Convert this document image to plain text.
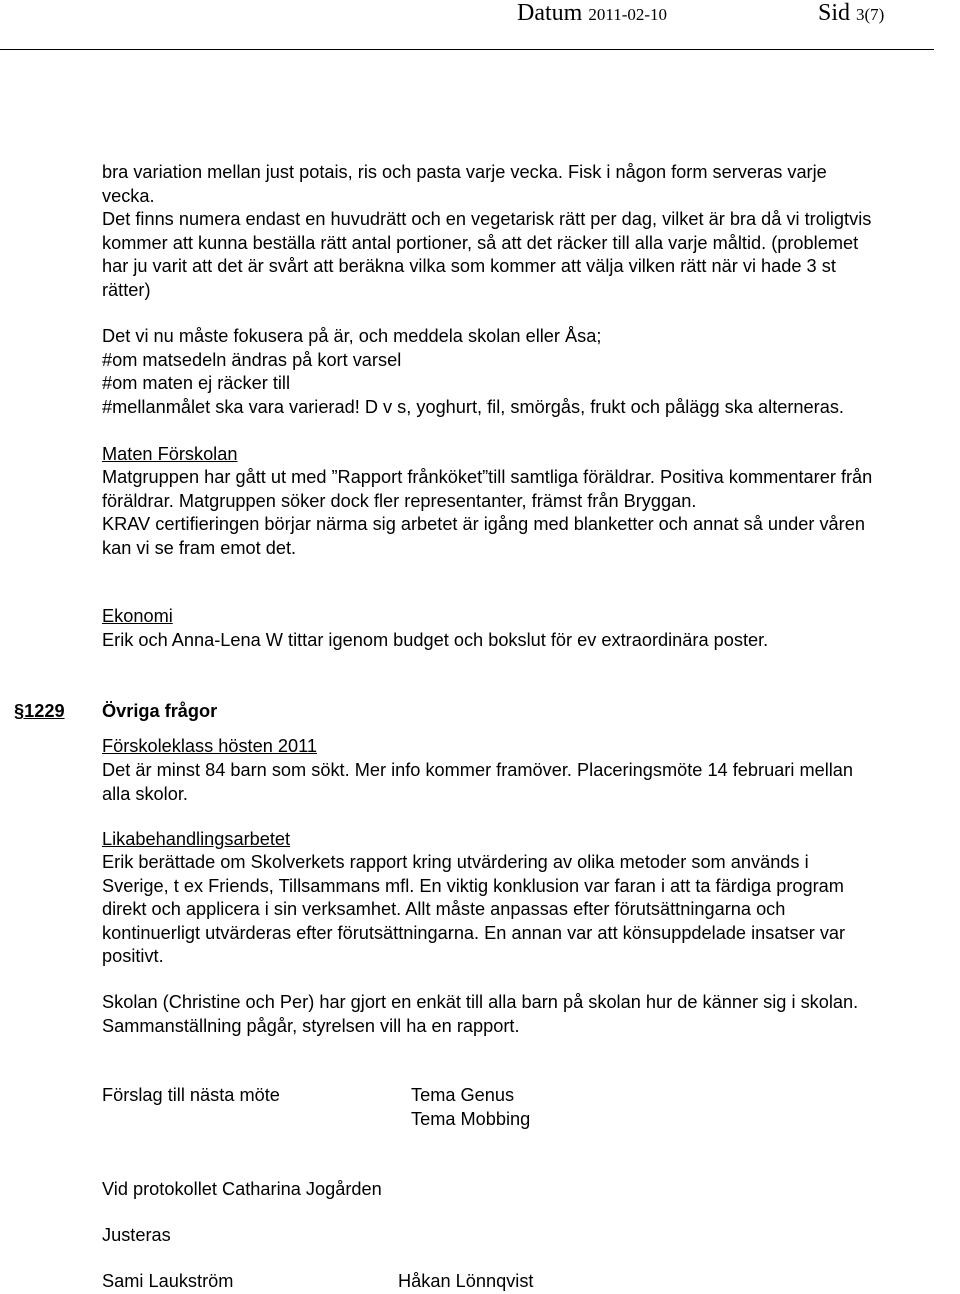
Datum 2011-02-10	Sid 3(7)
bra variation mellan just potais, ris och pasta varje vecka. Fisk i någon form serveras varje
vecka.
Det finns numera endast en huvudrätt och en vegetarisk rätt per dag, vilket är bra då vi troligtvis
kommer att kunna beställa rätt antal portioner, så att det räcker till alla varje måltid. (problemet
har ju varit att det är svårt att beräkna vilka som kommer att välja vilken rätt när vi hade 3 st
rätter)
Det vi nu måste fokusera på är, och meddela skolan eller Åsa;
#om matsedeln ändras på kort varsel
#om maten ej räcker till
#mellanmålet ska vara varierad! D v s, yoghurt, fil, smörgås, frukt och pålägg ska alterneras.
Maten Förskolan
Matgruppen har gått ut med ”Rapport frånköket”till samtliga föräldrar. Positiva kommentarer från
föräldrar. Matgruppen söker dock fler representanter, främst från Bryggan.
KRAV certifieringen börjar närma sig arbetet är igång med blanketter och annat så under våren
kan vi se fram emot det.
Ekonomi
Erik och Anna-Lena W tittar igenom budget och bokslut för ev extraordinära poster.
§1229 Övriga frågor
Förskoleklass hösten 2011
Det är minst 84 barn som sökt. Mer info kommer framöver. Placeringsmöte 14 februari mellan
alla skolor.
Likabehandlingsarbetet
Erik berättade om Skolverkets rapport kring utvärdering av olika metoder som används i
Sverige, t ex Friends, Tillsammans mfl. En viktig konklusion var faran i att ta färdiga program
direkt och applicera i sin verksamhet. Allt måste anpassas efter förutsättningarna och
kontinuerligt utvärderas efter förutsättningarna. En annan var att könsuppdelade insatser var
positivt.
Skolan (Christine och Per) har gjort en enkät till alla barn på skolan hur de känner sig i skolan.
Sammanställning pågår, styrelsen vill ha en rapport.
Förslag till nästa möte	Tema Genus
Tema Mobbing
Vid protokollet Catharina Jogården
Justeras
Sami Laukström	Håkan Lönnqvist
